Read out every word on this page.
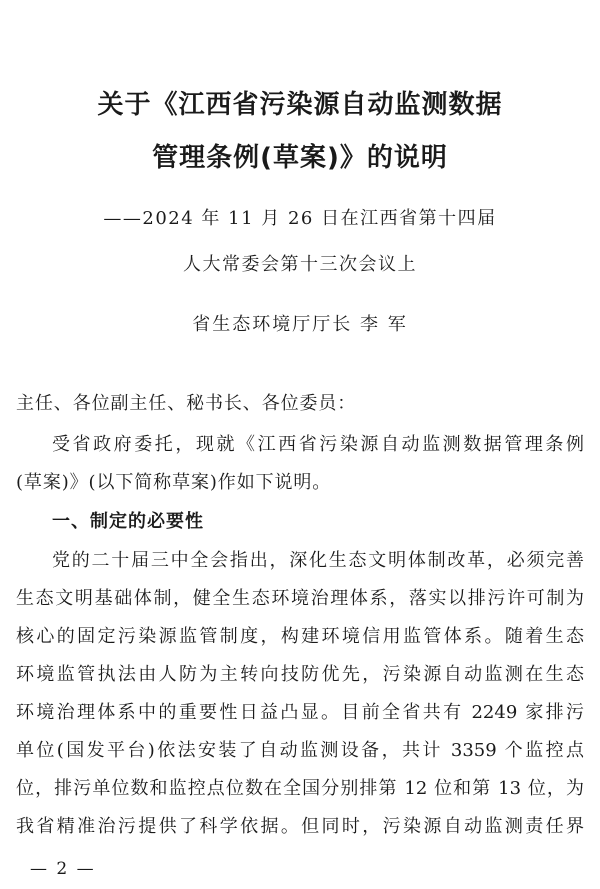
关于《江西省污染源自动监测数据
管理条例(草案)》的说明
——2024 年 11 月 26 日在江西省第十四届
人大常委会第十三次会议上
省生态环境厅厅长 李 军
主任、各位副主任、秘书长、各位委员：
受省政府委托，现就《江西省污染源自动监测数据管理条例
(草案)》(以下简称草案)作如下说明。
一、制定的必要性
党的二十届三中全会指出，深化生态文明体制改革，必须完善
生态文明基础体制，健全生态环境治理体系，落实以排污许可制为
核心的固定污染源监管制度，构建环境信用监管体系。随着生态
环境监管执法由人防为主转向技防优先，污染源自动监测在生态
环境治理体系中的重要性日益凸显。目前全省共有 2249 家排污
单位(国发平台)依法安装了自动监测设备，共计 3359 个监控点
位，排污单位数和监控点位数在全国分别排第 12 位和第 13 位，为
我省精准治污提供了科学依据。但同时，污染源自动监测责任界
— 2 —
